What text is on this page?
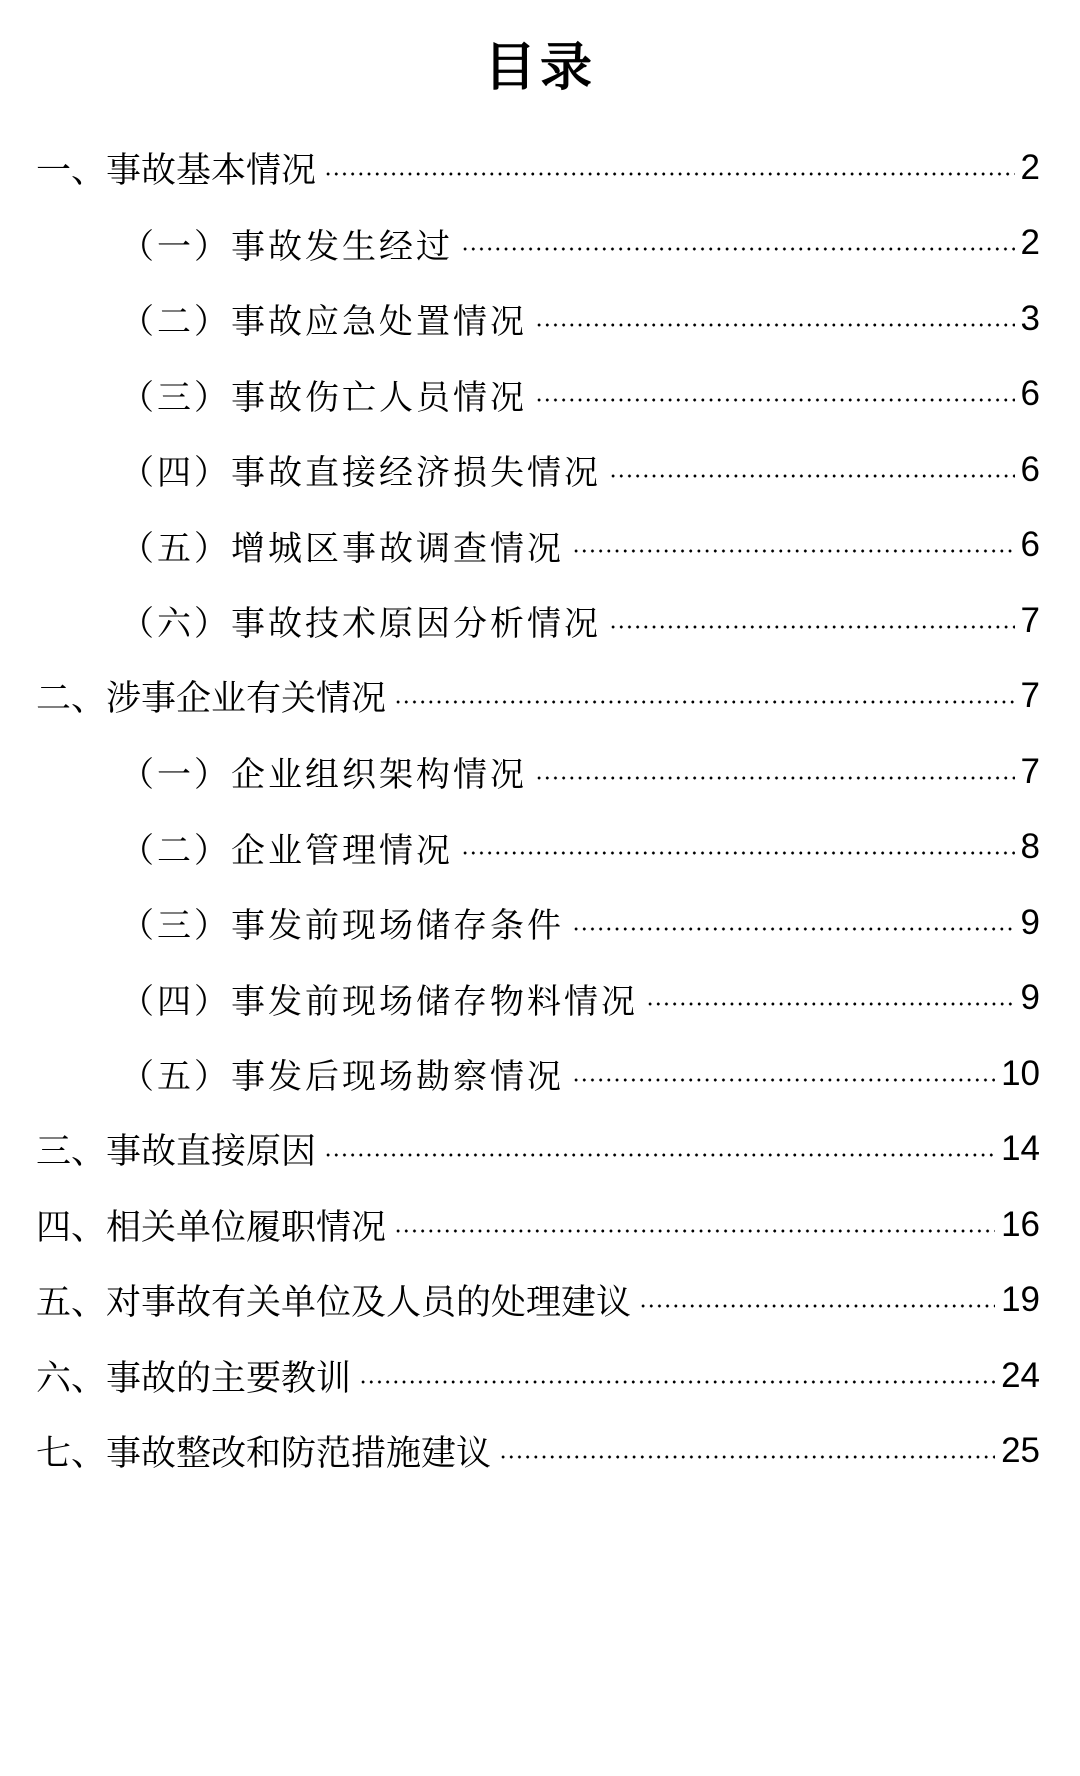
目录
一、事故基本情况	2
（一）事故发生经过	2
（二）事故应急处置情况	3
（三）事故伤亡人员情况	6
（四）事故直接经济损失情况	6
（五）增城区事故调查情况	6
（六）事故技术原因分析情况	7
二、涉事企业有关情况	7
（一）企业组织架构情况	7
（二）企业管理情况	8
（三）事发前现场储存条件	9
（四）事发前现场储存物料情况	9
（五）事发后现场勘察情况	10
三、事故直接原因	14
四、相关单位履职情况	16
五、对事故有关单位及人员的处理建议	19
六、事故的主要教训	24
七、事故整改和防范措施建议	25
